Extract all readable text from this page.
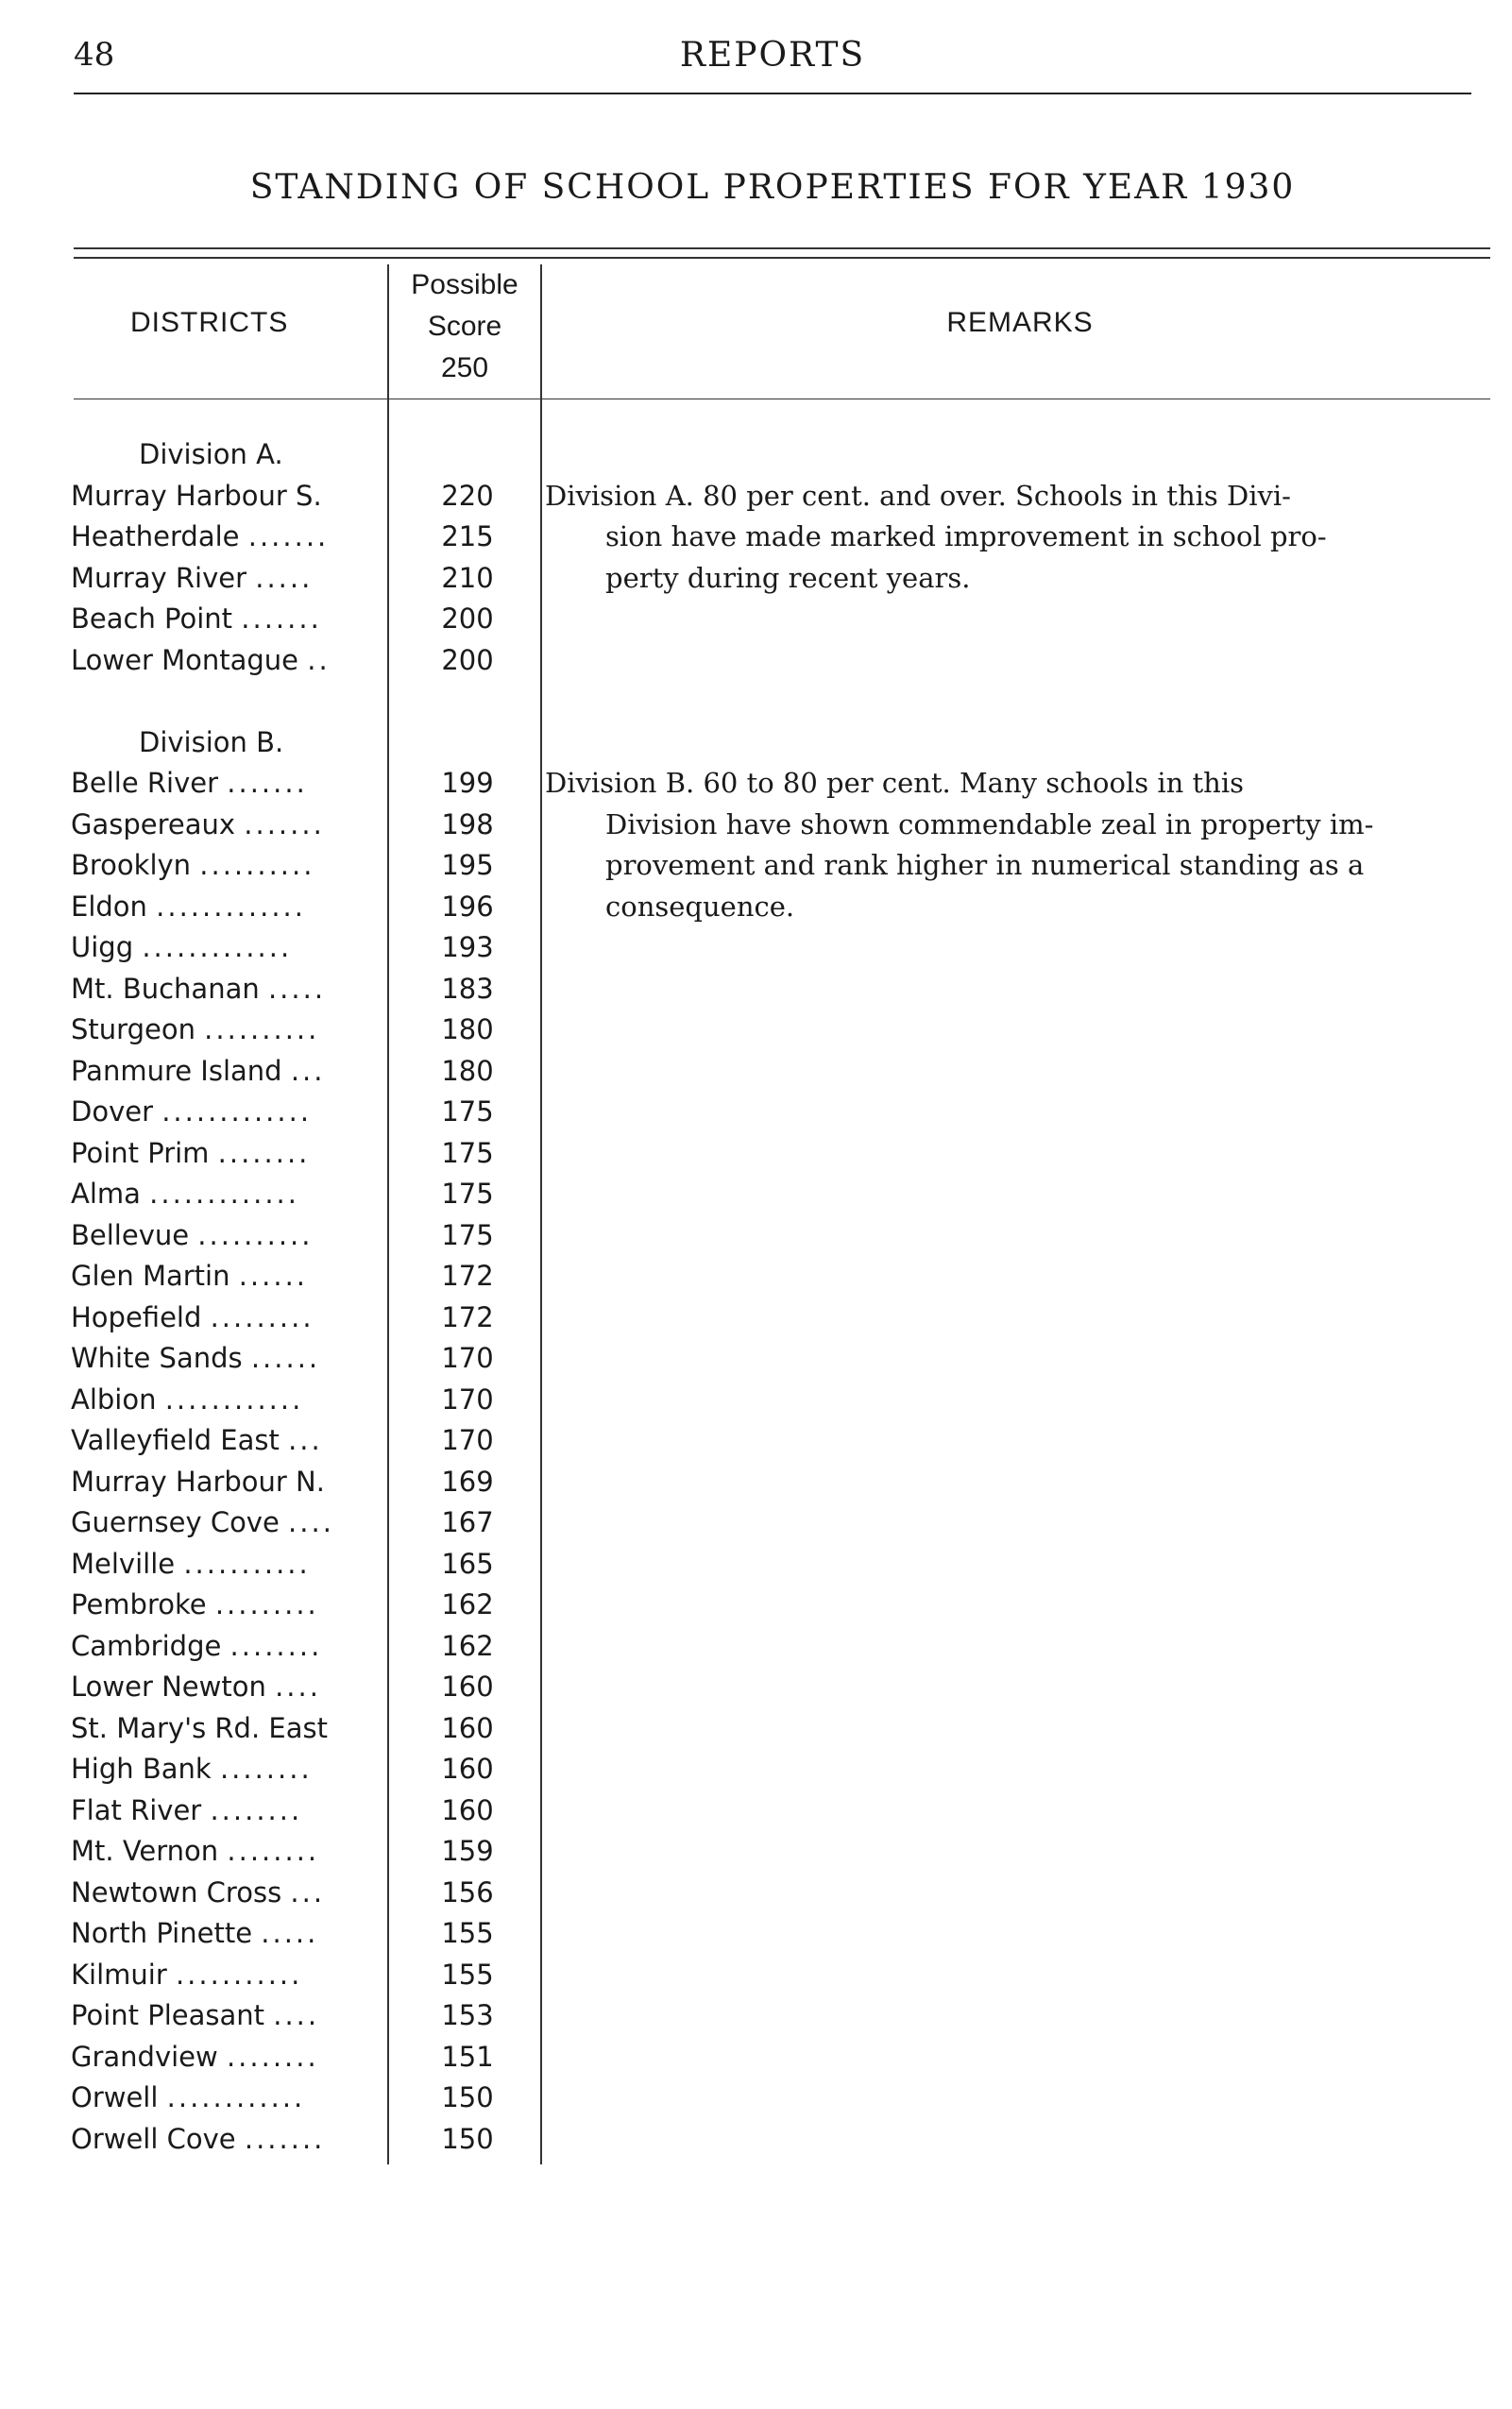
48	REPORTS
STANDING OF SCHOOL PROPERTIES FOR YEAR 1930
DISTRICTS
Possible
Score
250
REMARKS
Division A.
Murray Harbour S.	220
Heatherdale .......	215
Murray River .....	210
Beach Point .......	200
Lower Montague ..	200
Division A. 80 per cent. and over. Schools in this Divi-
sion have made marked improvement in school pro-
perty during recent years.
Division B.
Belle River .......	199
Gaspereaux .......	198
Brooklyn ..........	195
Eldon .............	196
Uigg .............	193
Mt. Buchanan .....	183
Sturgeon ..........	180
Panmure Island ...	180
Dover .............	175
Point Prim ........	175
Alma .............	175
Bellevue ..........	175
Glen Martin ......	172
Hopefield .........	172
White Sands ......	170
Albion ............	170
Valleyfield East ...	170
Murray Harbour N.	169
Guernsey Cove ....	167
Melville ...........	165
Pembroke .........	162
Cambridge ........	162
Lower Newton ....	160
St. Mary's Rd. East	160
High Bank ........	160
Flat River ........	160
Mt. Vernon ........	159
Newtown Cross ...	156
North Pinette .....	155
Kilmuir ...........	155
Point Pleasant ....	153
Grandview ........	151
Orwell ............	150
Orwell Cove .......	150
Division B. 60 to 80 per cent. Many schools in this
Division have shown commendable zeal in property im-
provement and rank higher in numerical standing as a
consequence.
